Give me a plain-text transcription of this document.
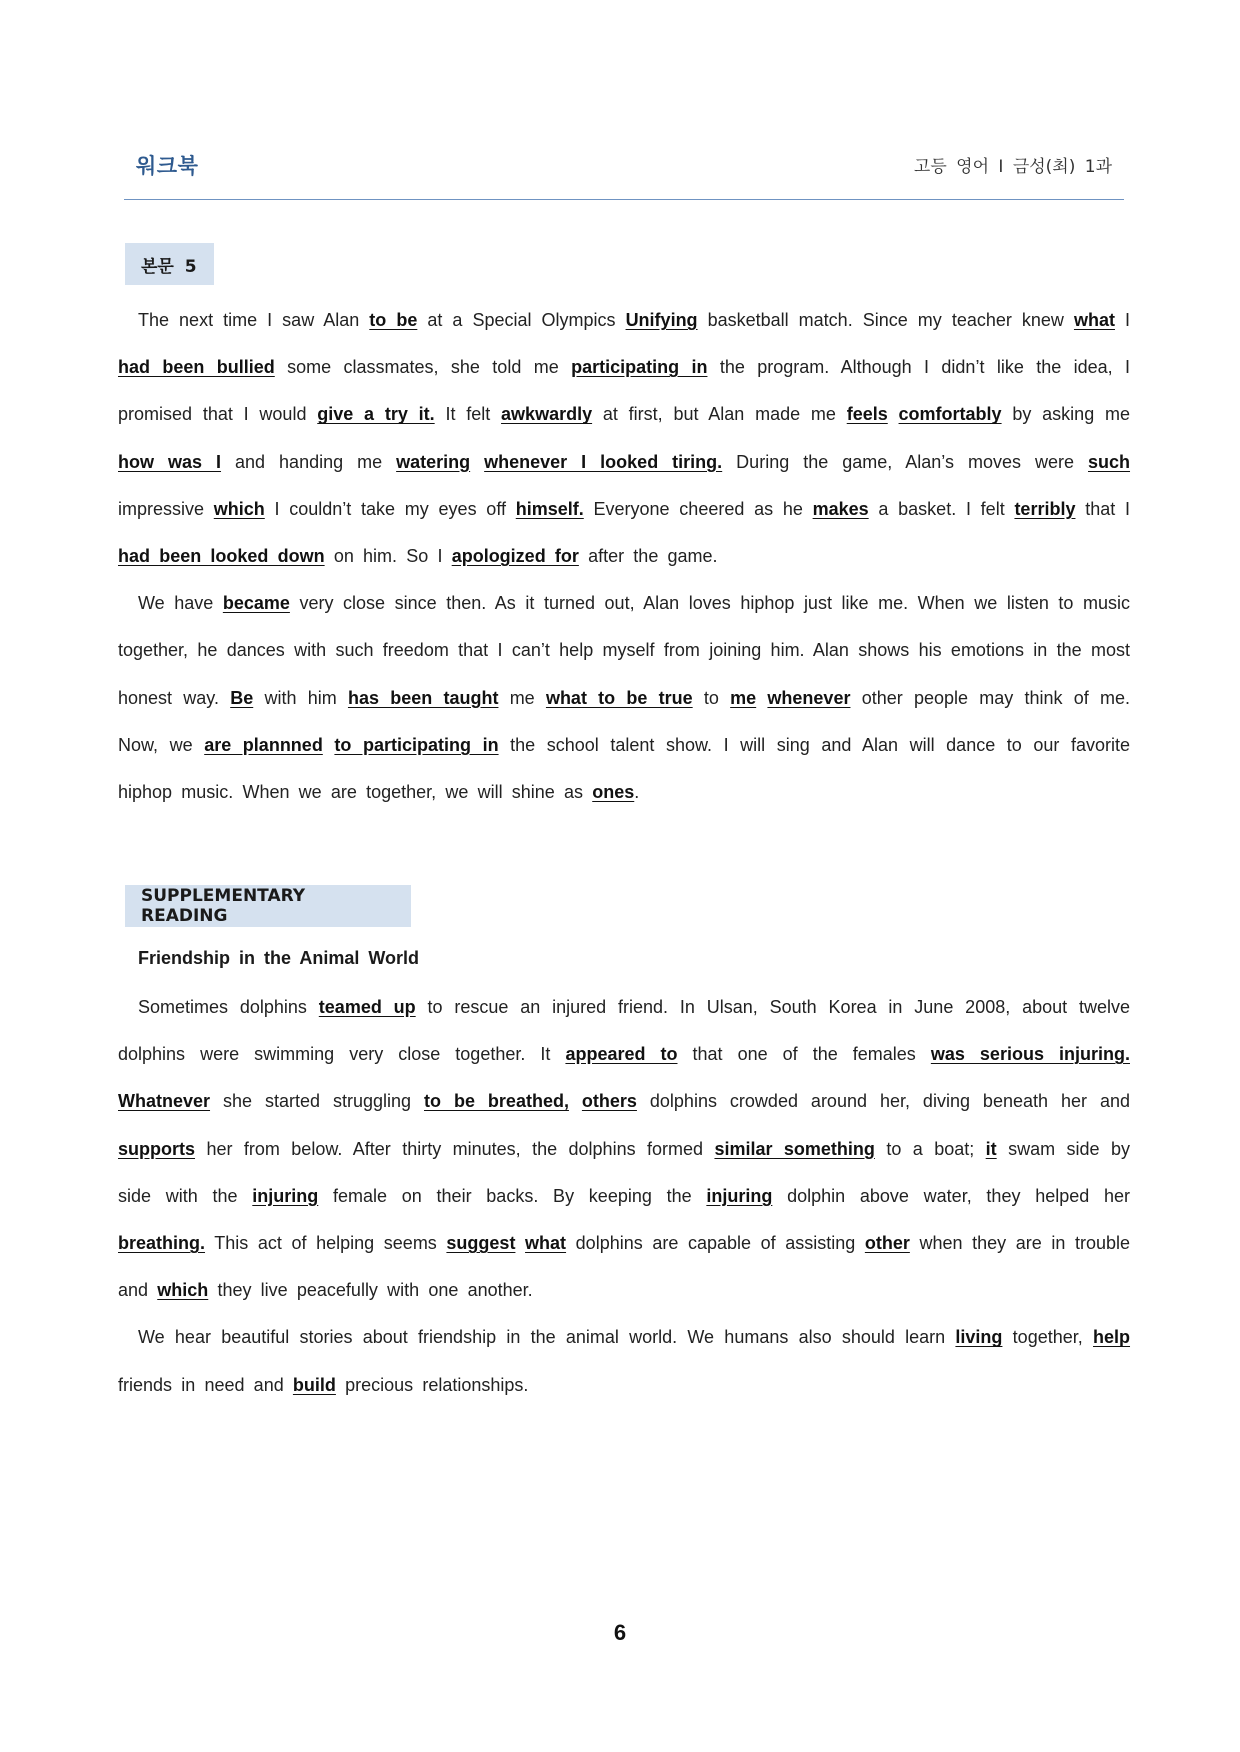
워크북	고등 영어 I 금성(최) 1과
본문 5

The next time I saw Alan to be at a Special Olympics Unifying basketball match. Since my teacher knew what I had been bullied some classmates, she told me participating in the program. Although I didn’t like the idea, I promised that I would give a try it. It felt awkwardly at first, but Alan made me feels comfortably by asking me how was I and handing me watering whenever I looked tiring. During the game, Alan’s moves were such impressive which I couldn’t take my eyes off himself. Everyone cheered as he makes a basket. I felt terribly that I had been looked down on him. So I apologized for after the game.

We have became very close since then. As it turned out, Alan loves hiphop just like me. When we listen to music together, he dances with such freedom that I can’t help myself from joining him. Alan shows his emotions in the most honest way. Be with him has been taught me what to be true to me whenever other people may think of me. Now, we are plannned to participating in the school talent show. I will sing and Alan will dance to our favorite hiphop music. When we are together, we will shine as ones.

SUPPLEMENTARY READING
Friendship in the Animal World

Sometimes dolphins teamed up to rescue an injured friend. In Ulsan, South Korea in June 2008, about twelve dolphins were swimming very close together. It appeared to that one of the females was serious injuring. Whatnever she started struggling to be breathed, others dolphins crowded around her, diving beneath her and supports her from below. After thirty minutes, the dolphins formed similar something to a boat; it swam side by side with the injuring female on their backs. By keeping the injuring dolphin above water, they helped her breathing. This act of helping seems suggest what dolphins are capable of assisting other when they are in trouble and which they live peacefully with one another.

We hear beautiful stories about friendship in the animal world. We humans also should learn living together, help friends in need and build precious relationships.

6
